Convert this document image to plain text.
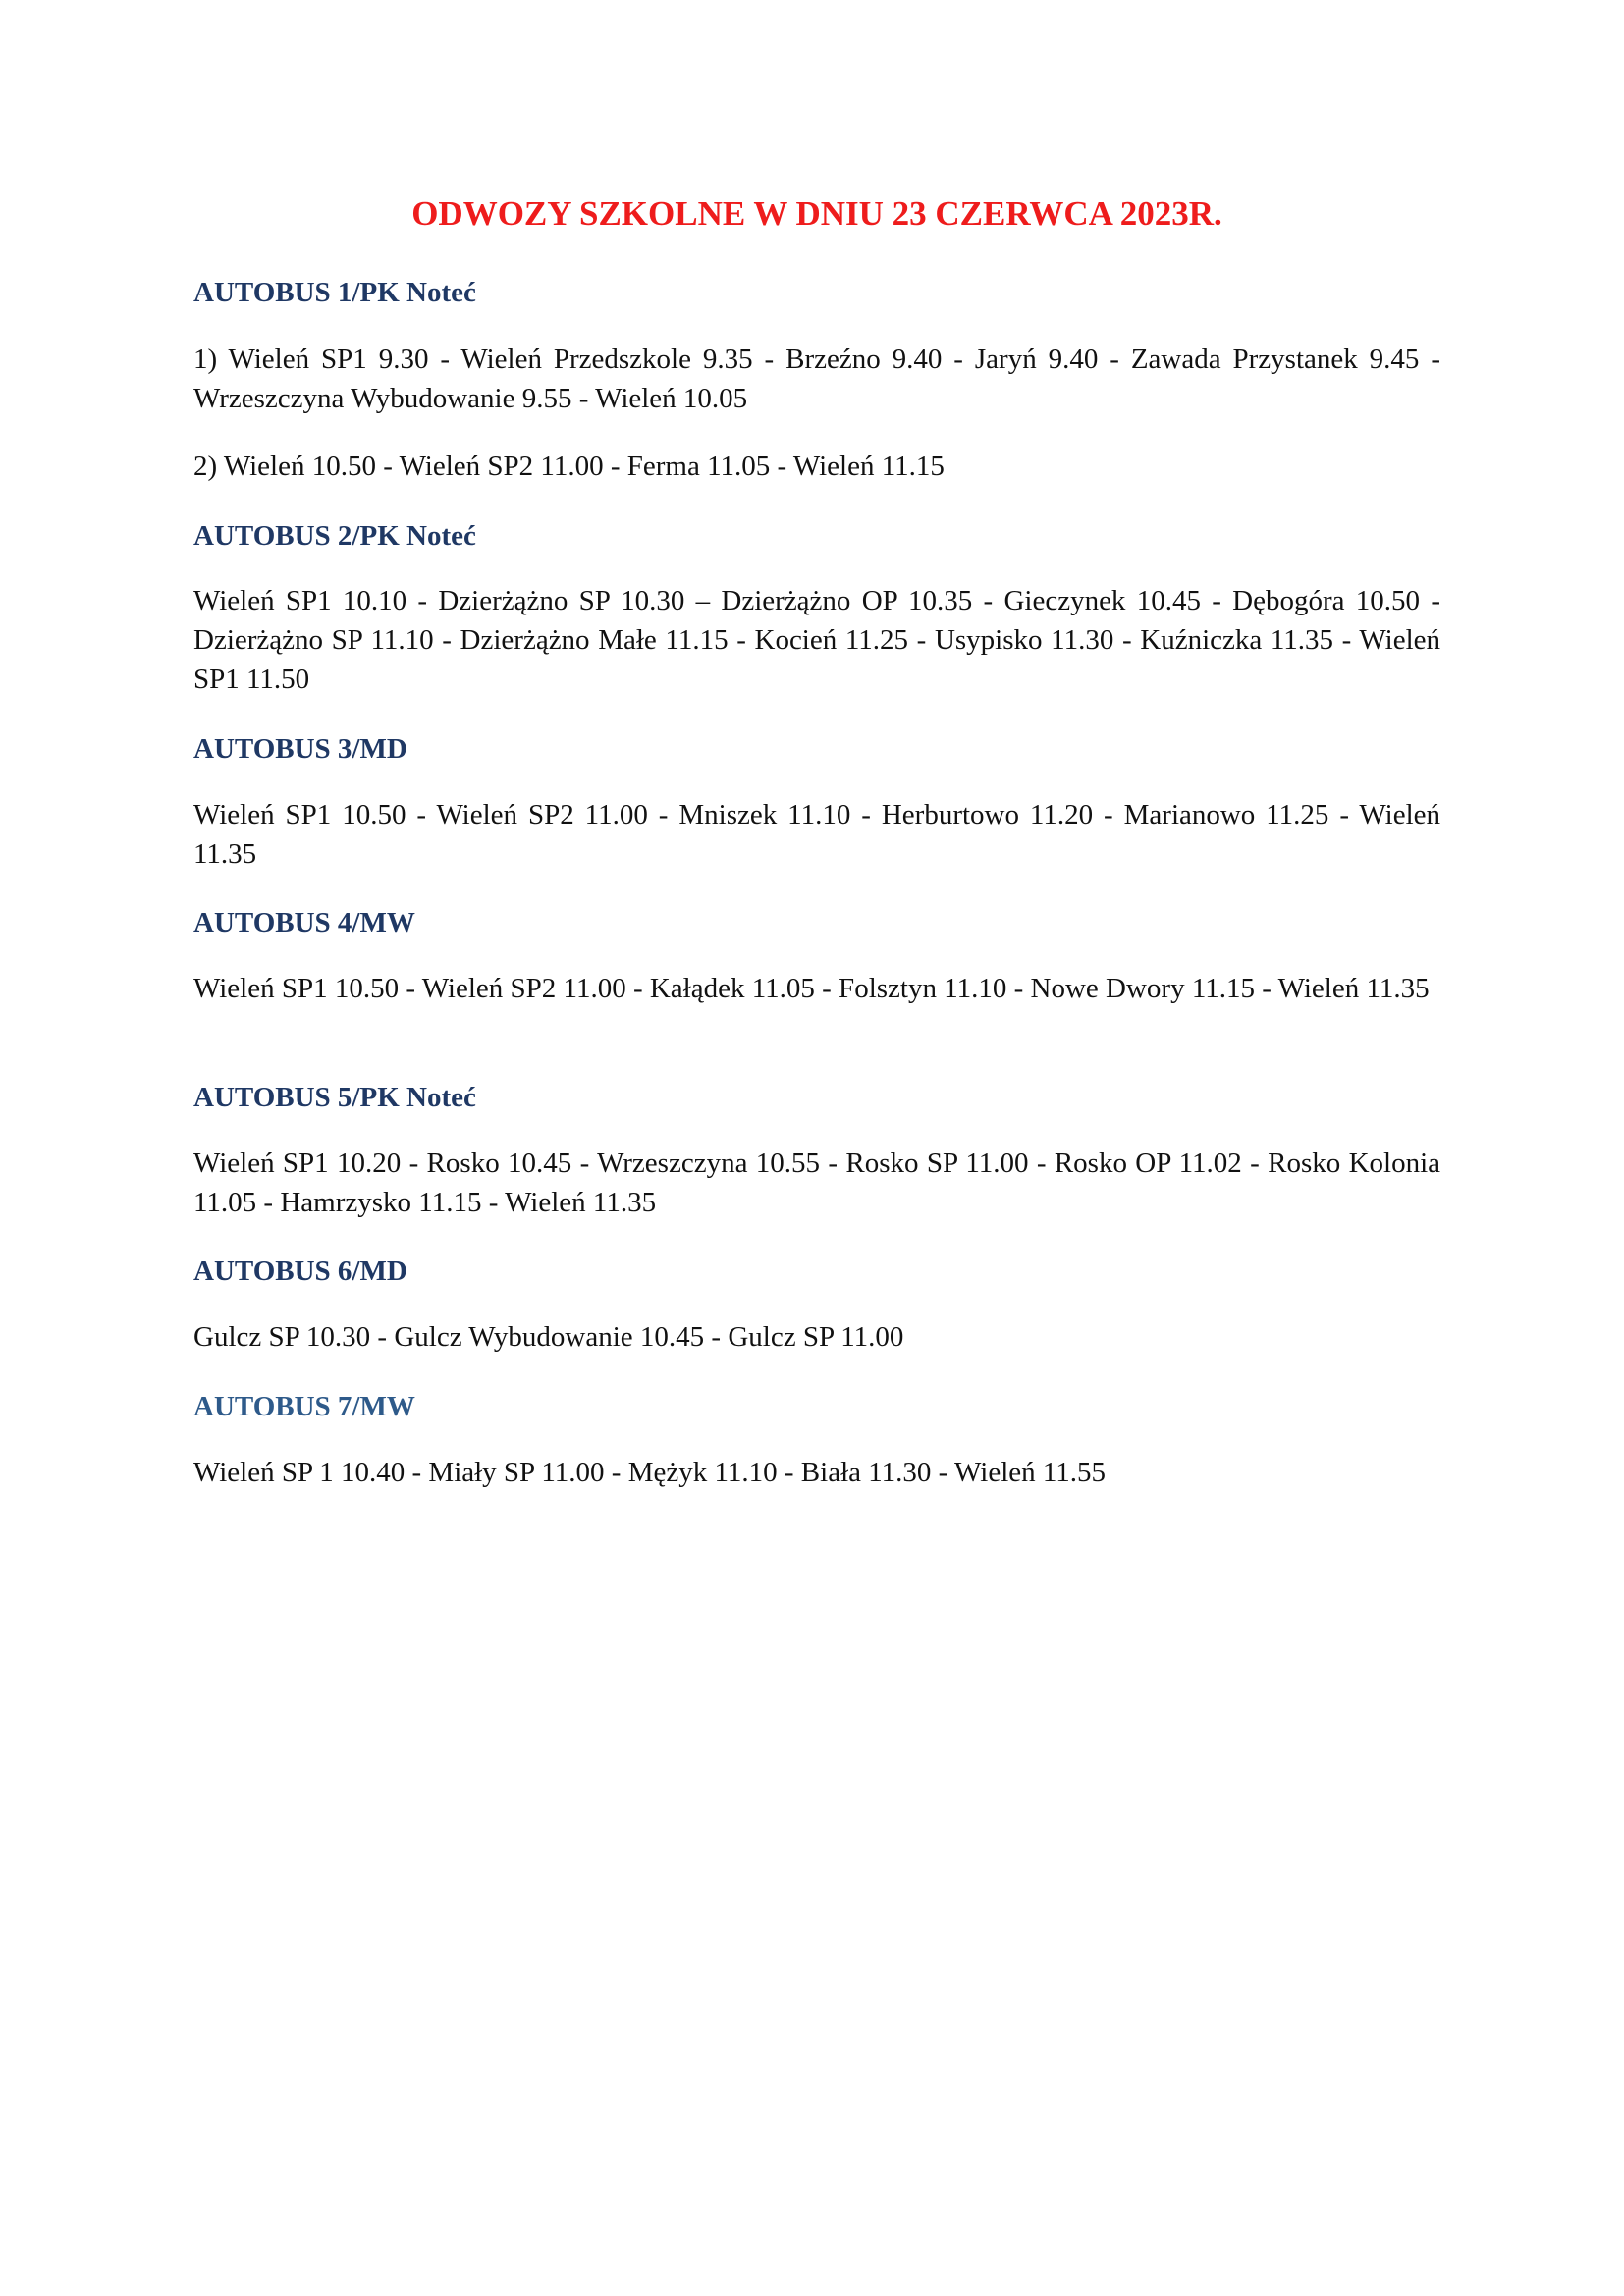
ODWOZY SZKOLNE W DNIU 23 CZERWCA 2023R.
AUTOBUS 1/PK Noteć

1) Wieleń SP1 9.30 - Wieleń Przedszkole 9.35 - Brzeźno 9.40 - Jaryń 9.40 - Zawada Przystanek 9.45 - Wrzeszczyna Wybudowanie 9.55 - Wieleń 10.05

2) Wieleń 10.50 - Wieleń SP2 11.00 - Ferma 11.05 - Wieleń 11.15

AUTOBUS 2/PK Noteć

Wieleń SP1 10.10 - Dzierżążno SP 10.30 – Dzierżążno OP 10.35 - Gieczynek 10.45 - Dębogóra 10.50 - Dzierżążno SP 11.10 - Dzierżążno Małe 11.15 - Kocień 11.25 - Usypisko 11.30 - Kuźniczka 11.35 - Wieleń SP1 11.50

AUTOBUS 3/MD

Wieleń SP1 10.50 - Wieleń SP2 11.00 - Mniszek 11.10 - Herburtowo 11.20 - Marianowo 11.25 - Wieleń 11.35

AUTOBUS 4/MW

Wieleń SP1 10.50 - Wieleń SP2 11.00 - Kałądek 11.05 - Folsztyn 11.10 - Nowe Dwory 11.15 - Wieleń 11.35

AUTOBUS 5/PK Noteć

Wieleń SP1 10.20 - Rosko 10.45 - Wrzeszczyna 10.55 - Rosko SP 11.00 - Rosko OP 11.02 - Rosko Kolonia 11.05 - Hamrzysko 11.15 - Wieleń 11.35

AUTOBUS 6/MD

Gulcz SP 10.30 - Gulcz Wybudowanie 10.45 - Gulcz SP 11.00

AUTOBUS 7/MW

Wieleń SP 1 10.40 - Miały SP 11.00 - Mężyk 11.10 - Biała 11.30 - Wieleń 11.55
